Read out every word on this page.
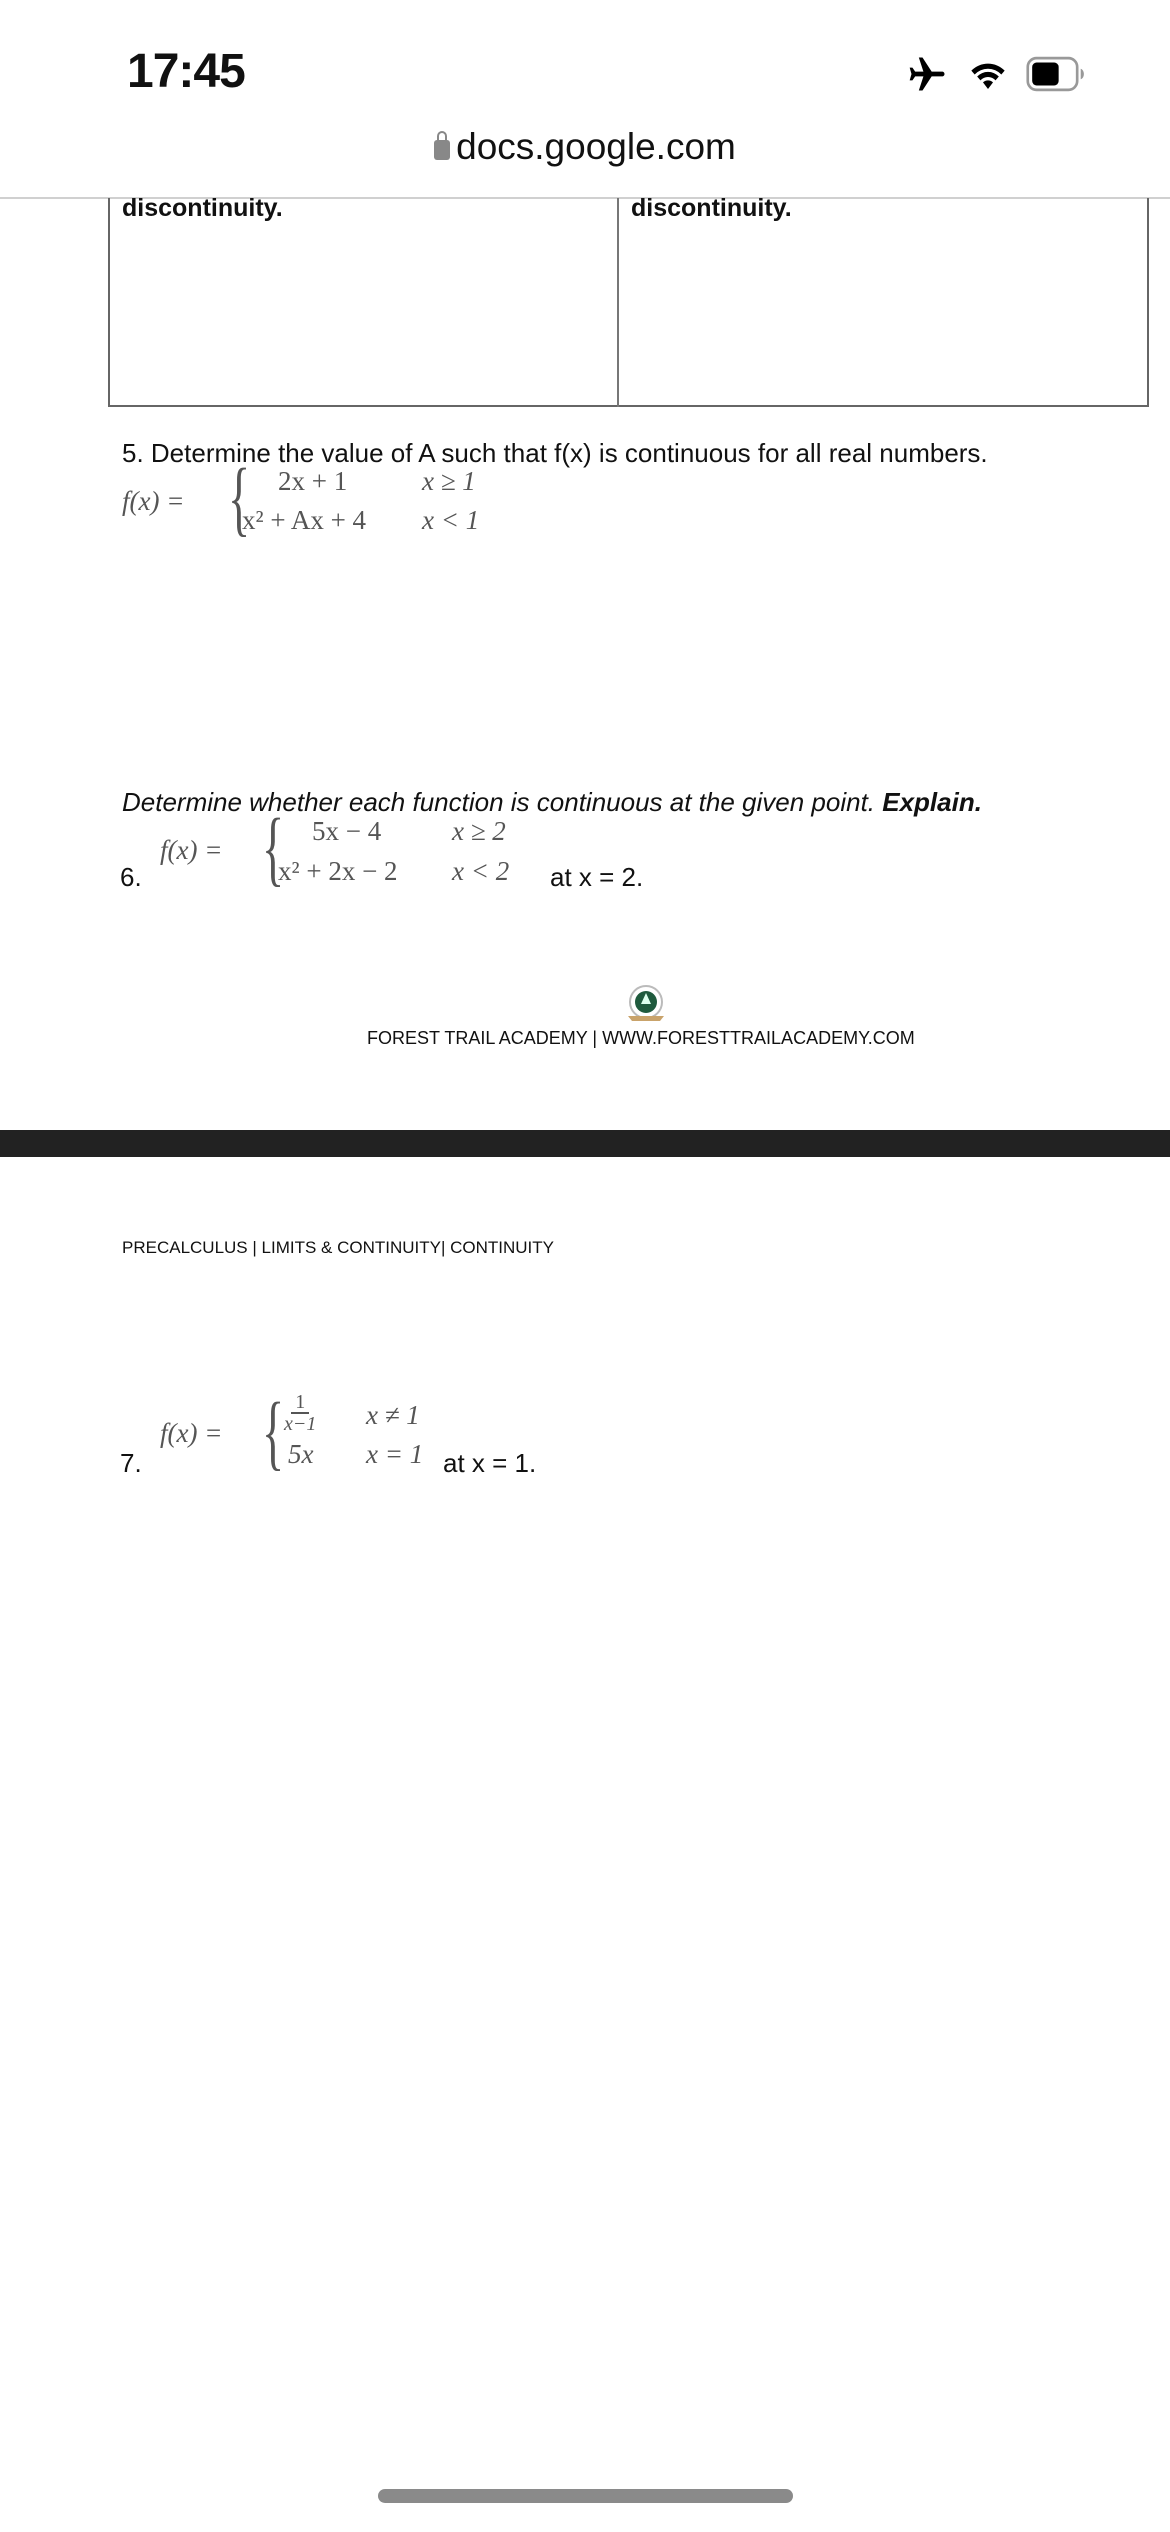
17:45
docs.google.com
discontinuity.	discontinuity.
5. Determine the value of A such that f(x) is continuous for all real numbers.
f(x) = { 2x + 1	x ≥ 1
x² + Ax + 4 x < 1
Determine whether each function is continuous at the given point. Explain.
6.
f(x) = { 5x − 4	x ≥ 2
x² + 2x − 2 x < 2 at x = 2.
FOREST TRAIL ACADEMY | WWW.FORESTTRAILACADEMY.COM
PRECALCULUS | LIMITS & CONTINUITY| CONTINUITY
7.
f(x) = { $\frac{1}{x-1}$ x ≠ 1
5x x = 1 at x = 1.
